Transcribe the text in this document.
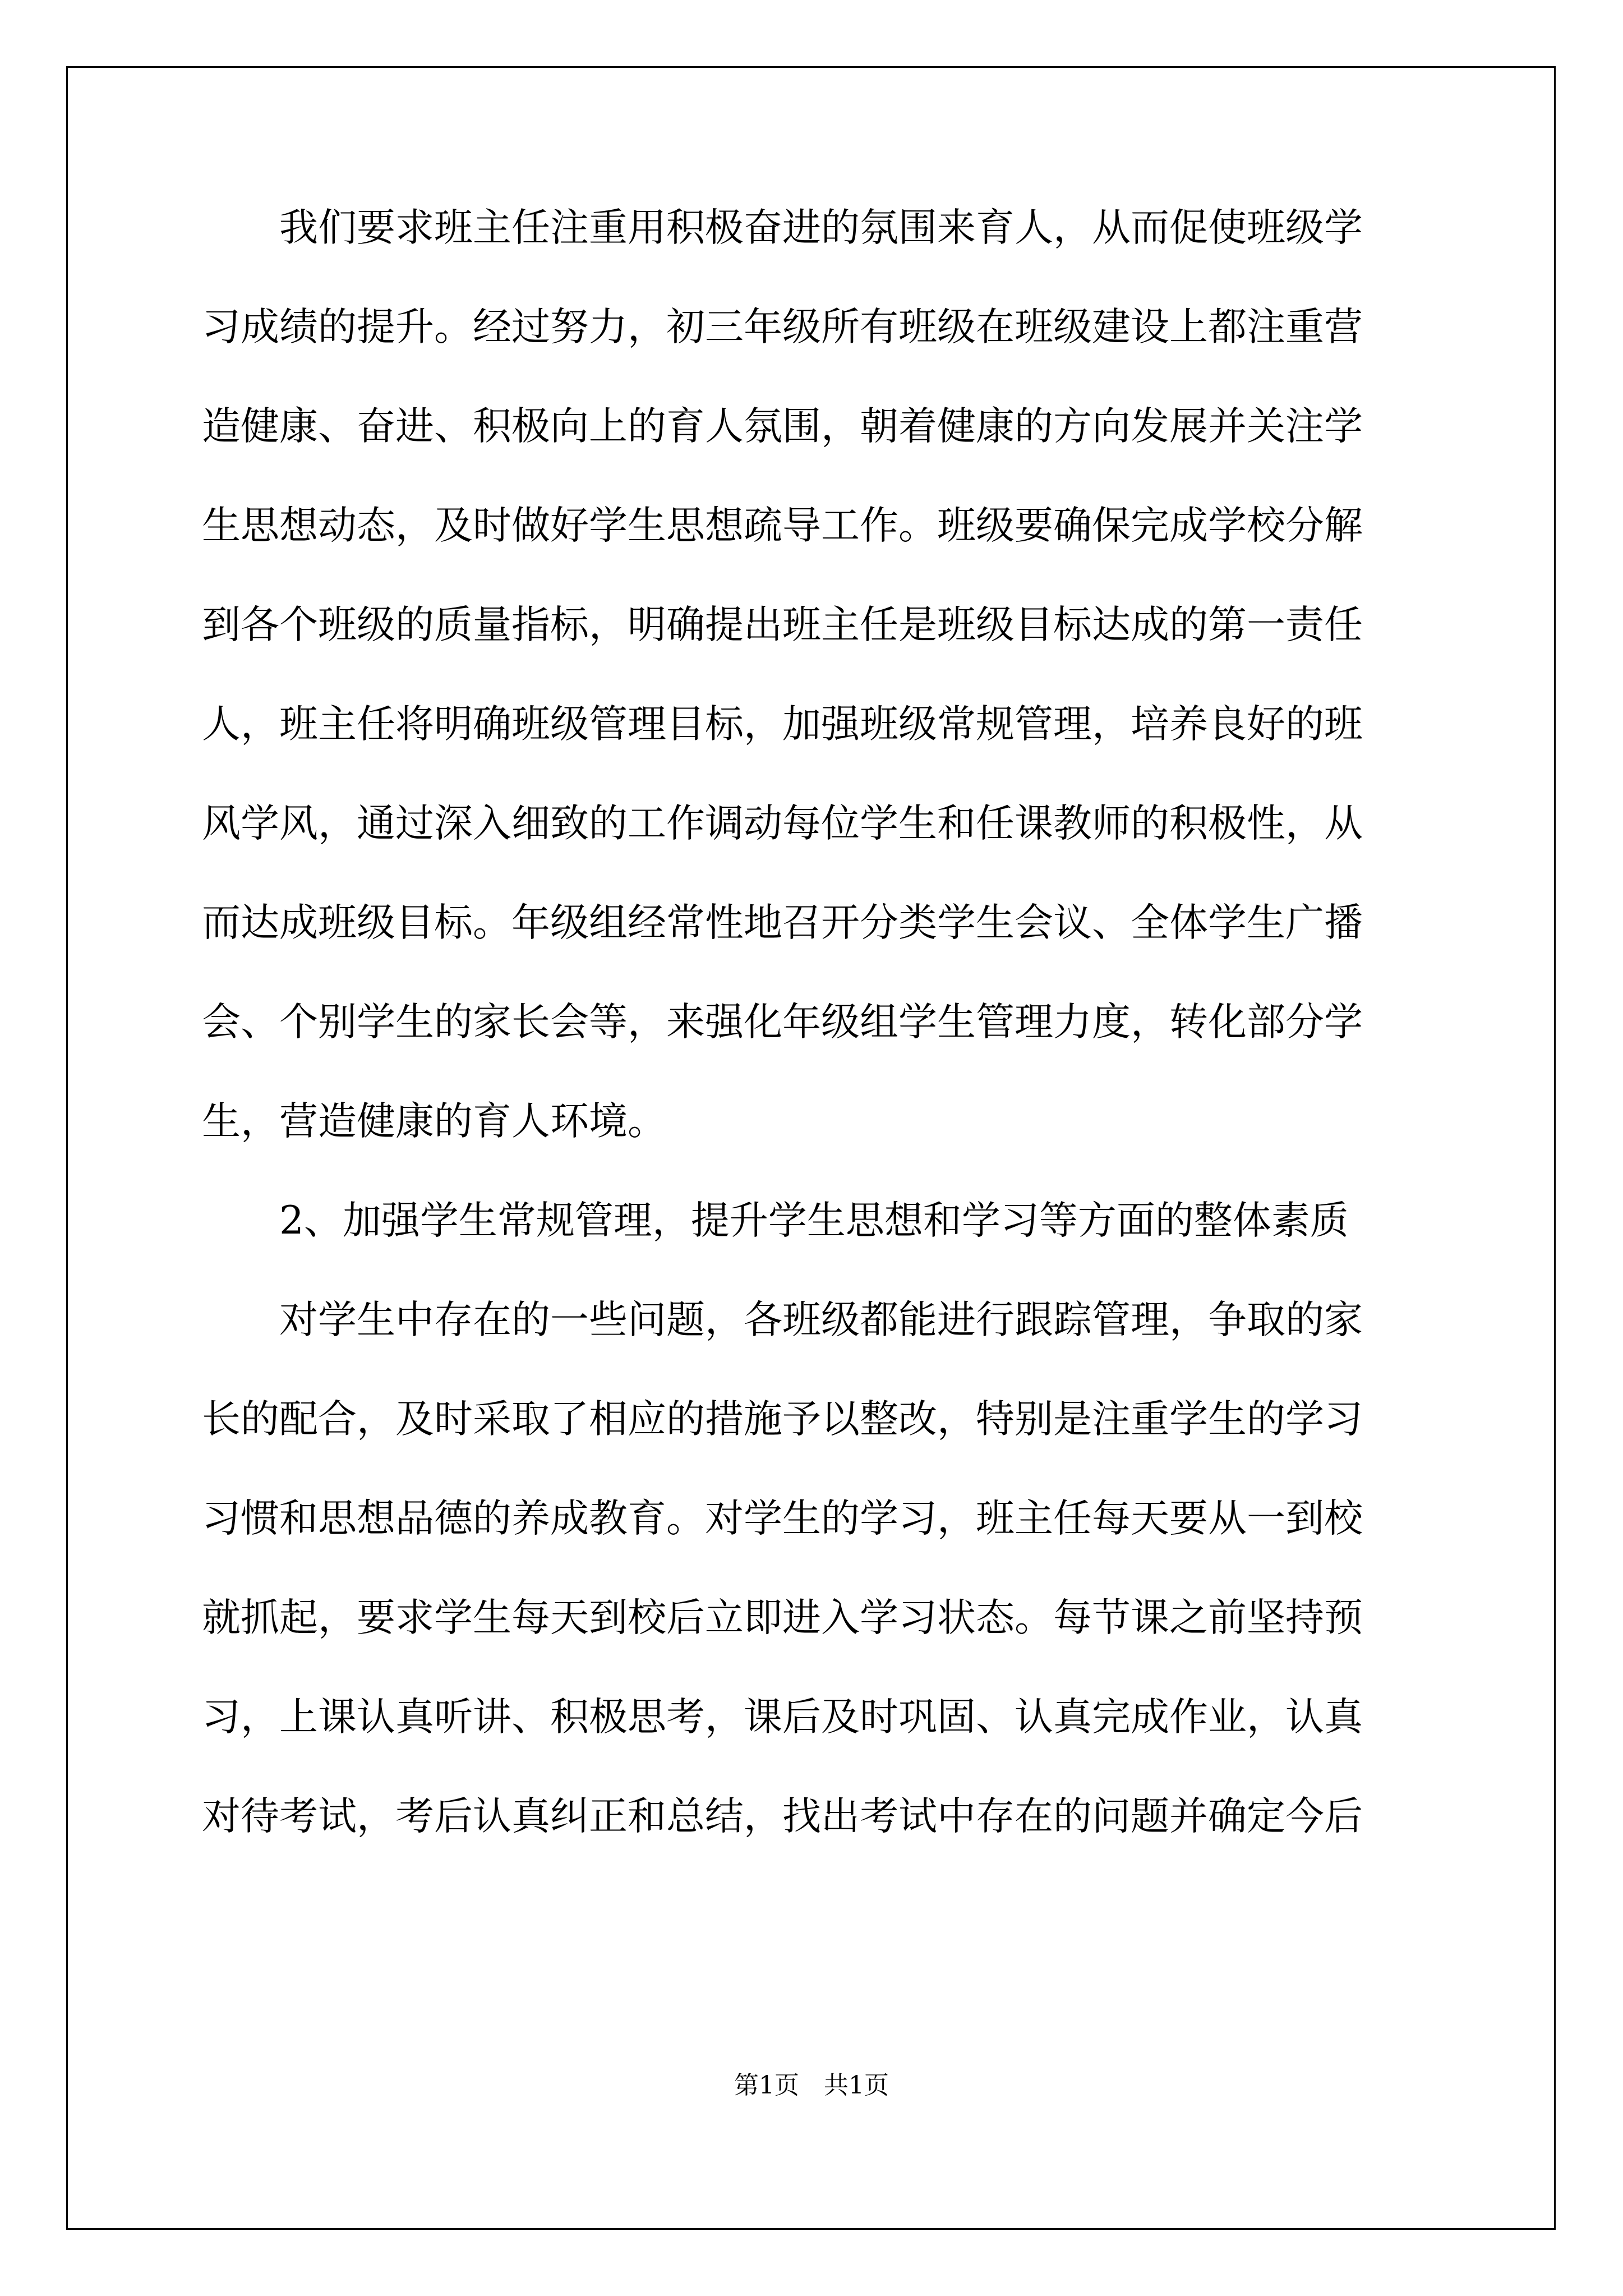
我们要求班主任注重用积极奋进的氛围来育人，从而促使班级学
习成绩的提升。经过努力，初三年级所有班级在班级建设上都注重营
造健康、奋进、积极向上的育人氛围，朝着健康的方向发展并关注学
生思想动态，及时做好学生思想疏导工作。班级要确保完成学校分解
到各个班级的质量指标，明确提出班主任是班级目标达成的第一责任
人，班主任将明确班级管理目标，加强班级常规管理，培养良好的班
风学风，通过深入细致的工作调动每位学生和任课教师的积极性，从
而达成班级目标。年级组经常性地召开分类学生会议、全体学生广播
会、个别学生的家长会等，来强化年级组学生管理力度，转化部分学
生，营造健康的育人环境。
2、加强学生常规管理，提升学生思想和学习等方面的整体素质
对学生中存在的一些问题，各班级都能进行跟踪管理，争取的家
长的配合，及时采取了相应的措施予以整改，特别是注重学生的学习
习惯和思想品德的养成教育。对学生的学习，班主任每天要从一到校
就抓起，要求学生每天到校后立即进入学习状态。每节课之前坚持预
习，上课认真听讲、积极思考，课后及时巩固、认真完成作业，认真
对待考试，考后认真纠正和总结，找出考试中存在的问题并确定今后
第1页　共1页
